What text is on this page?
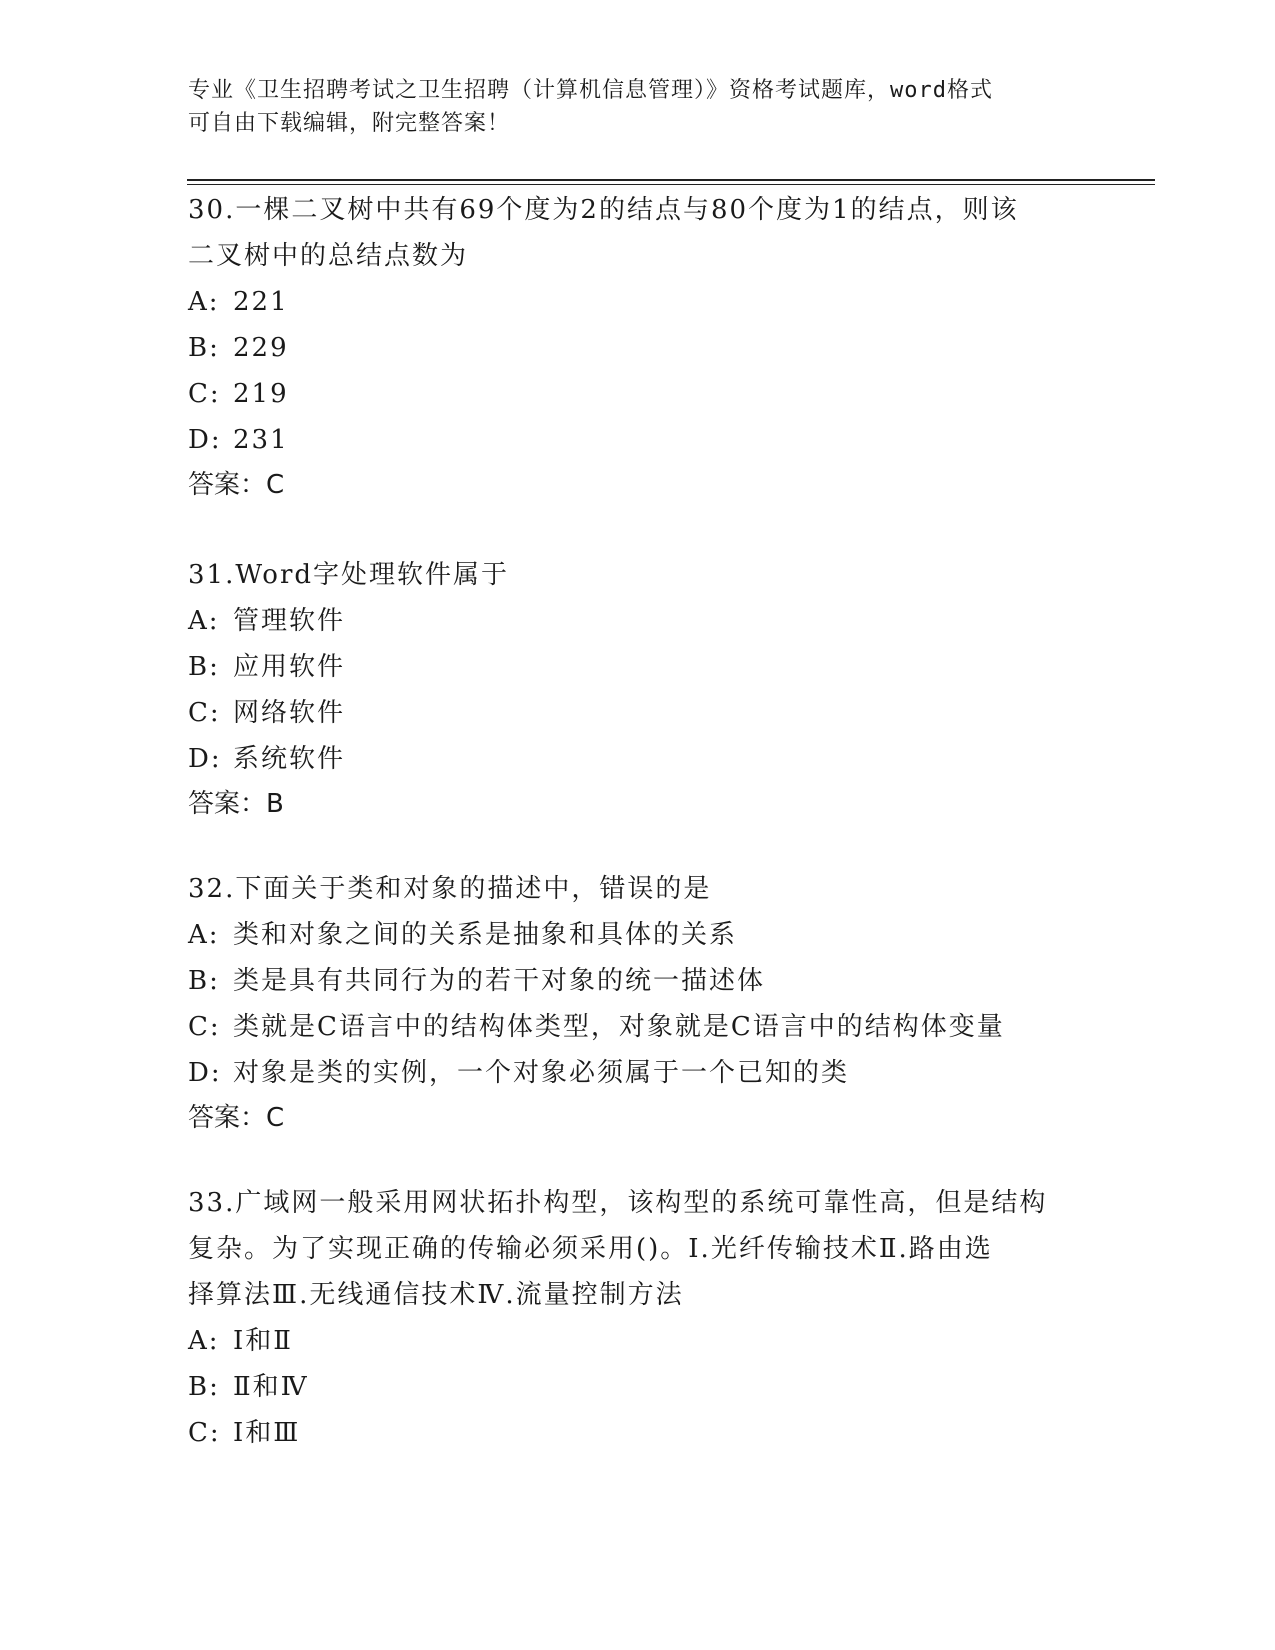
专业《卫生招聘考试之卫生招聘（计算机信息管理）》资格考试题库，word格式
可自由下载编辑，附完整答案！
30.一棵二叉树中共有69个度为2的结点与80个度为1的结点，则该
二叉树中的总结点数为
A: 221
B: 229
C: 219
D: 231
答案：C
31.Word字处理软件属于
A: 管理软件
B: 应用软件
C: 网络软件
D: 系统软件
答案：B
32.下面关于类和对象的描述中，错误的是
A: 类和对象之间的关系是抽象和具体的关系
B: 类是具有共同行为的若干对象的统一描述体
C: 类就是C语言中的结构体类型，对象就是C语言中的结构体变量
D: 对象是类的实例，一个对象必须属于一个已知的类
答案：C
33.广域网一般采用网状拓扑构型，该构型的系统可靠性高，但是结构
复杂。为了实现正确的传输必须采用()。Ⅰ.光纤传输技术Ⅱ.路由选
择算法Ⅲ.无线通信技术Ⅳ.流量控制方法
A: Ⅰ和Ⅱ
B: Ⅱ和Ⅳ
C: Ⅰ和Ⅲ
